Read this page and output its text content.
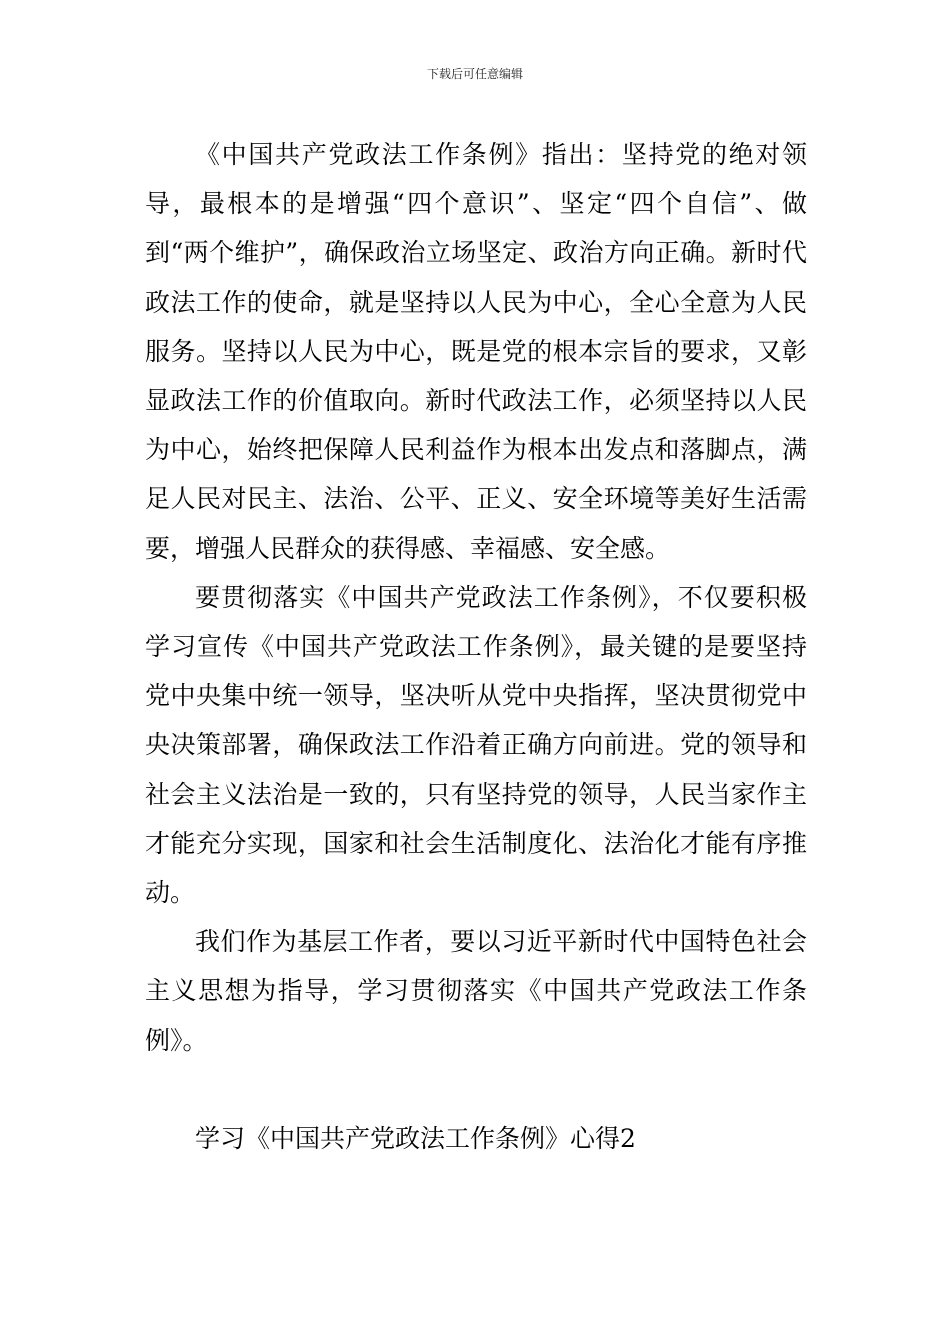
下载后可任意编辑

《中国共产党政法工作条例》指出：坚持党的绝对领导，最根本的是增强“四个意识”、坚定“四个自信”、做到“两个维护”，确保政治立场坚定、政治方向正确。新时代政法工作的使命，就是坚持以人民为中心，全心全意为人民服务。坚持以人民为中心，既是党的根本宗旨的要求，又彰显政法工作的价值取向。新时代政法工作，必须坚持以人民为中心，始终把保障人民利益作为根本出发点和落脚点，满足人民对民主、法治、公平、正义、安全环境等美好生活需要，增强人民群众的获得感、幸福感、安全感。

要贯彻落实《中国共产党政法工作条例》，不仅要积极学习宣传《中国共产党政法工作条例》，最关键的是要坚持党中央集中统一领导，坚决听从党中央指挥，坚决贯彻党中央决策部署，确保政法工作沿着正确方向前进。党的领导和社会主义法治是一致的，只有坚持党的领导，人民当家作主才能充分实现，国家和社会生活制度化、法治化才能有序推动。

我们作为基层工作者，要以习近平新时代中国特色社会主义思想为指导，学习贯彻落实《中国共产党政法工作条例》。

学习《中国共产党政法工作条例》心得2
